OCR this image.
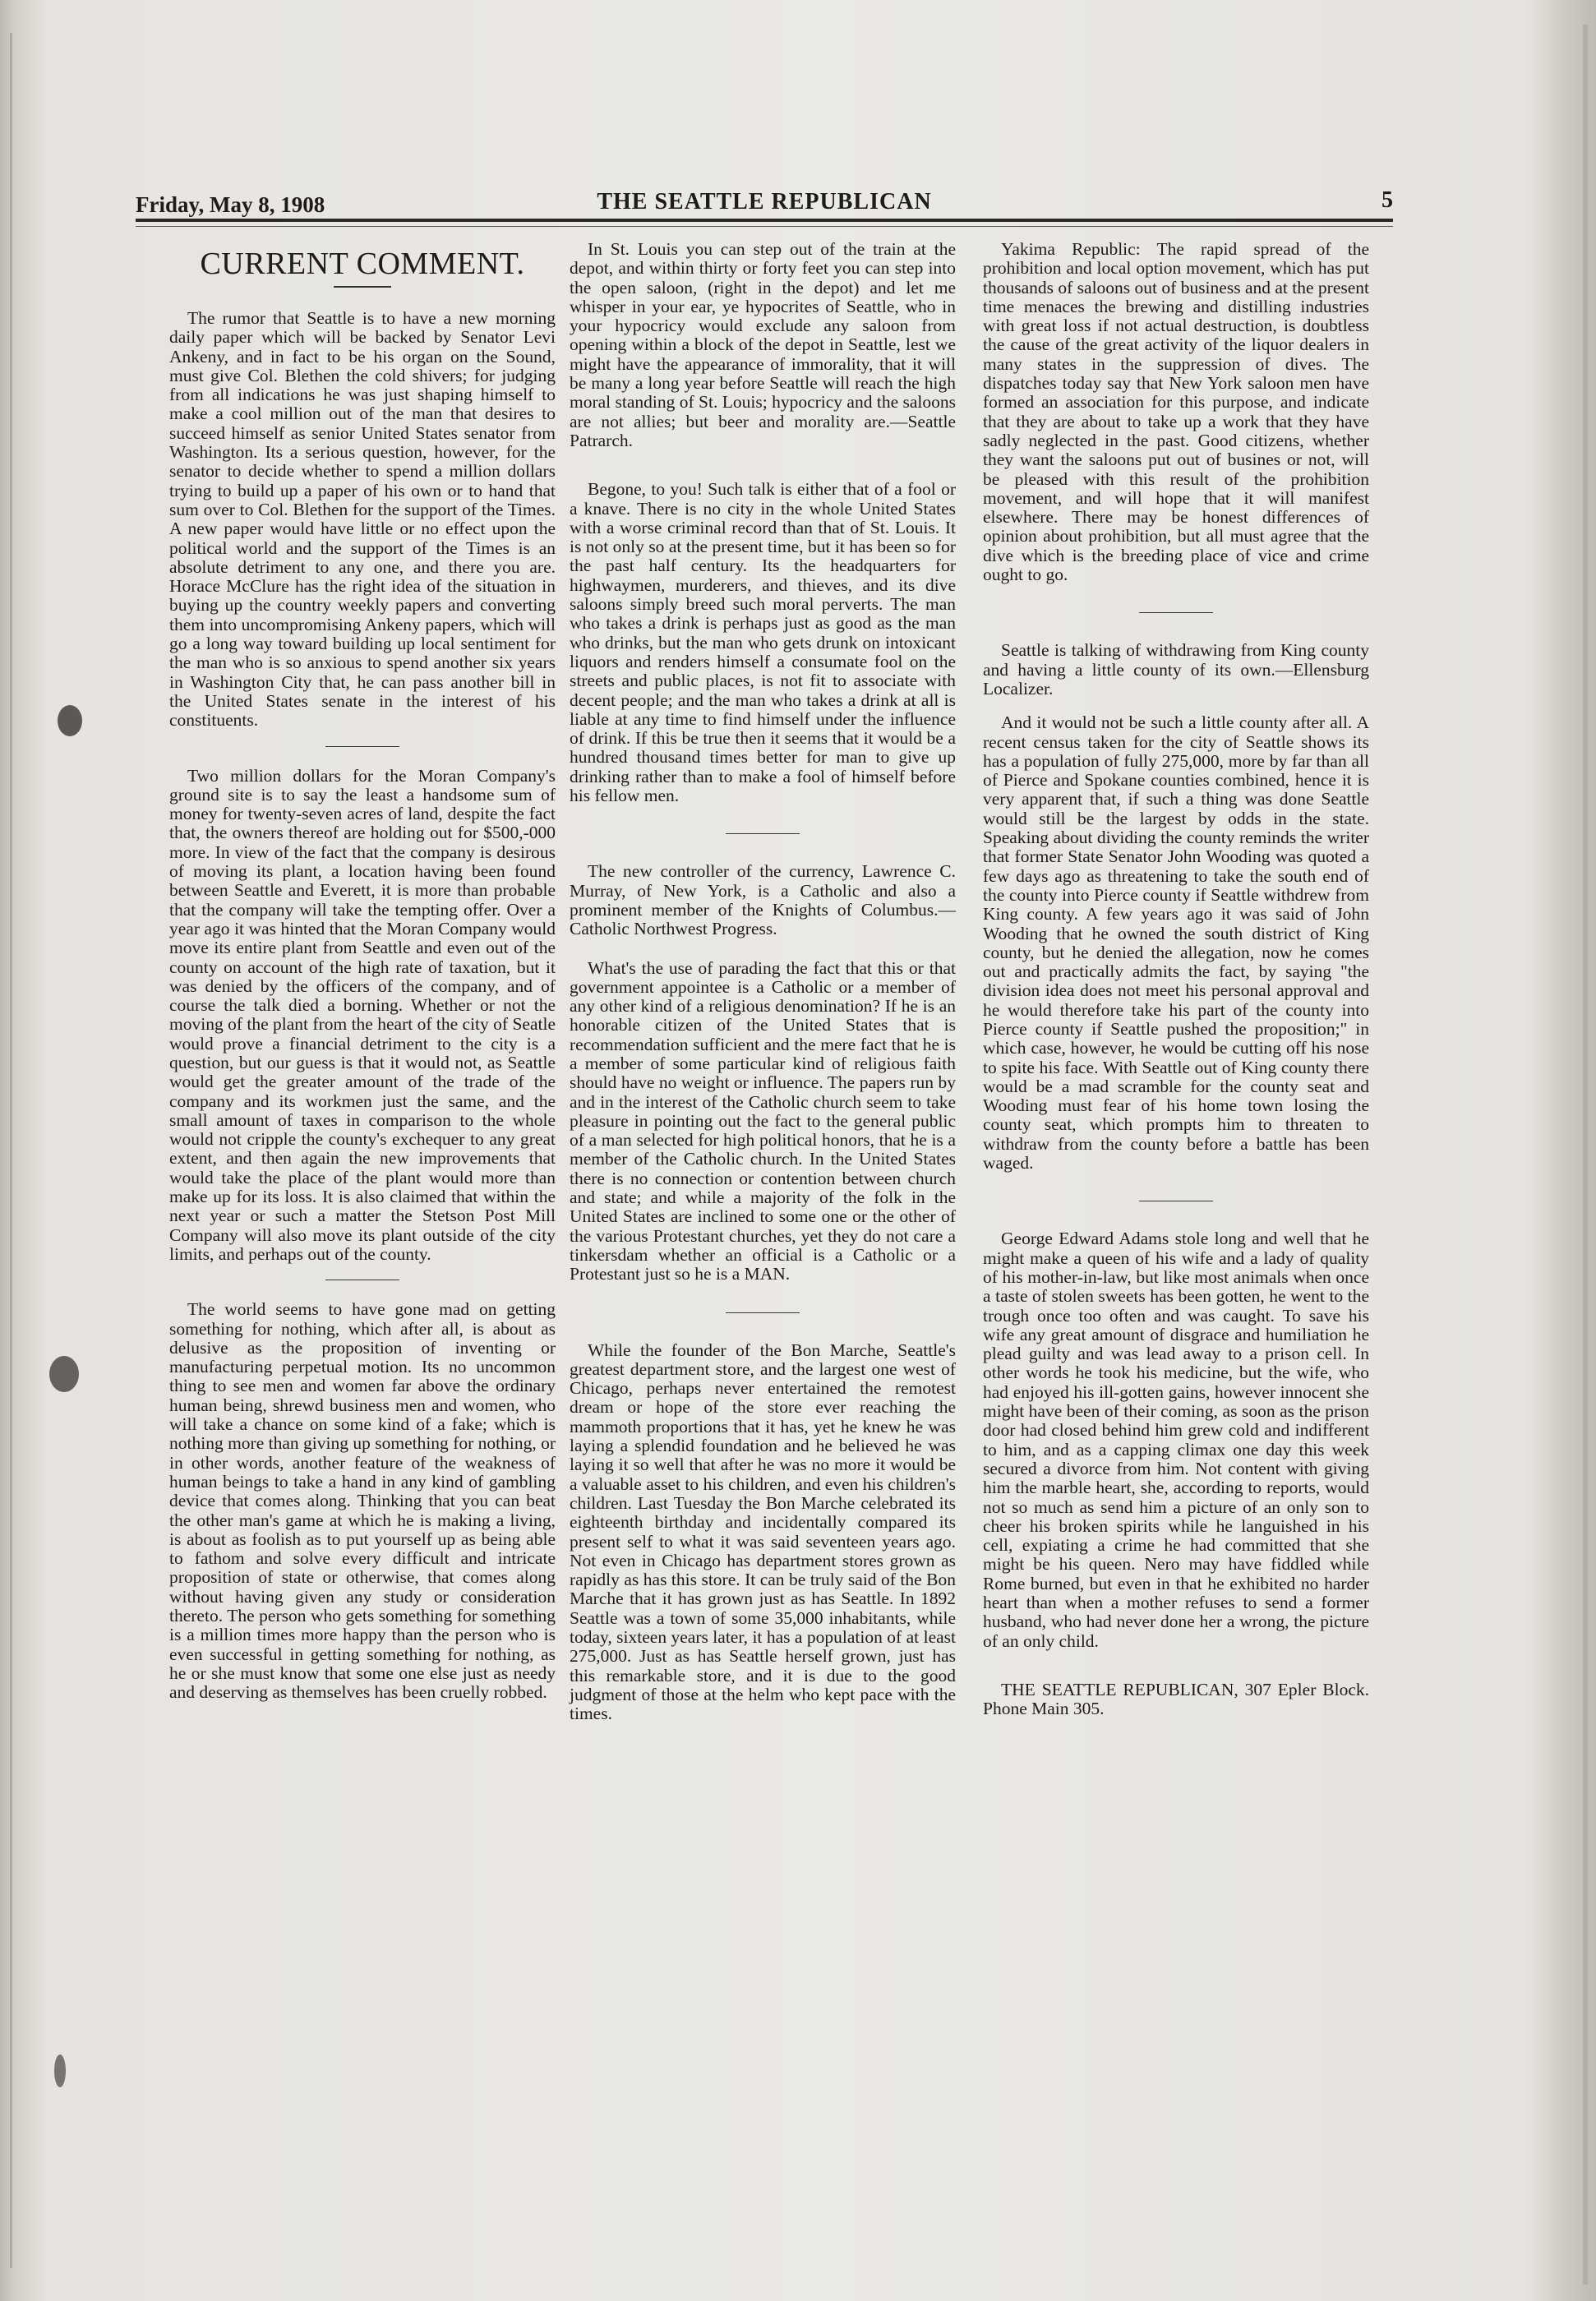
Friday, May 8, 1908	THE SEATTLE REPUBLICAN	5
CURRENT COMMENT.

The rumor that Seattle is to have a new morning daily paper which will be backed by Senator Levi Ankeny, and in fact to be his organ on the Sound, must give Col. Blethen the cold shivers; for judging from all indications he was just shaping himself to make a cool million out of the man that desires to succeed himself as senior United States senator from Washington. Its a serious question, however, for the senator to decide whether to spend a million dollars trying to build up a paper of his own or to hand that sum over to Col. Blethen for the support of the Times. A new paper would have little or no effect upon the political world and the support of the Times is an absolute detriment to any one, and there you are. Horace McClure has the right idea of the situation in buying up the country weekly papers and converting them into uncompromising Ankeny papers, which will go a long way toward building up local sentiment for the man who is so anxious to spend another six years in Washington City that, he can pass another bill in the United States senate in the interest of his constituents.

Two million dollars for the Moran Company's ground site is to say the least a handsome sum of money for twenty-seven acres of land, despite the fact that, the owners thereof are holding out for $500,-000 more. In view of the fact that the company is desirous of moving its plant, a location having been found between Seattle and Everett, it is more than probable that the company will take the tempting offer. Over a year ago it was hinted that the Moran Company would move its entire plant from Seattle and even out of the county on account of the high rate of taxation, but it was denied by the officers of the company, and of course the talk died a borning. Whether or not the moving of the plant from the heart of the city of Seatle would prove a financial detriment to the city is a question, but our guess is that it would not, as Seattle would get the greater amount of the trade of the company and its workmen just the same, and the small amount of taxes in comparison to the whole would not cripple the county's exchequer to any great extent, and then again the new improvements that would take the place of the plant would more than make up for its loss. It is also claimed that within the next year or such a matter the Stetson Post Mill Company will also move its plant outside of the city limits, and perhaps out of the county.

The world seems to have gone mad on getting something for nothing, which after all, is about as delusive as the proposition of inventing or manufacturing perpetual motion. Its no uncommon thing to see men and women far above the ordinary human being, shrewd business men and women, who will take a chance on some kind of a fake; which is nothing more than giving up something for nothing, or in other words, another feature of the weakness of human beings to take a hand in any kind of gambling device that comes along. Thinking that you can beat the other man's game at which he is making a living, is about as foolish as to put yourself up as being able to fathom and solve every difficult and intricate proposition of state or otherwise, that comes along without having given any study or consideration thereto. The person who gets something for something is a million times more happy than the person who is even successful in getting something for nothing, as he or she must know that some one else just as needy and deserving as themselves has been cruelly robbed.

In St. Louis you can step out of the train at the depot, and within thirty or forty feet you can step into the open saloon, (right in the depot) and let me whisper in your ear, ye hypocrites of Seattle, who in your hypocricy would exclude any saloon from opening within a block of the depot in Seattle, lest we might have the appearance of immorality, that it will be many a long year before Seattle will reach the high moral standing of St. Louis; hypocricy and the saloons are not allies; but beer and morality are.—Seattle Patrarch.

Begone, to you! Such talk is either that of a fool or a knave. There is no city in the whole United States with a worse criminal record than that of St. Louis. It is not only so at the present time, but it has been so for the past half century. Its the headquarters for highwaymen, murderers, and thieves, and its dive saloons simply breed such moral perverts. The man who takes a drink is perhaps just as good as the man who drinks, but the man who gets drunk on intoxicant liquors and renders himself a consumate fool on the streets and public places, is not fit to associate with decent people; and the man who takes a drink at all is liable at any time to find himself under the influence of drink. If this be true then it seems that it would be a hundred thousand times better for man to give up drinking rather than to make a fool of himself before his fellow men.

The new controller of the currency, Lawrence C. Murray, of New York, is a Catholic and also a prominent member of the Knights of Columbus.—Catholic Northwest Progress.

What's the use of parading the fact that this or that government appointee is a Catholic or a member of any other kind of a religious denomination? If he is an honorable citizen of the United States that is recommendation sufficient and the mere fact that he is a member of some particular kind of religious faith should have no weight or influence. The papers run by and in the interest of the Catholic church seem to take pleasure in pointing out the fact to the general public of a man selected for high political honors, that he is a member of the Catholic church. In the United States there is no connection or contention between church and state; and while a majority of the folk in the United States are inclined to some one or the other of the various Protestant churches, yet they do not care a tinkersdam whether an official is a Catholic or a Protestant just so he is a MAN.

While the founder of the Bon Marche, Seattle's greatest department store, and the largest one west of Chicago, perhaps never entertained the remotest dream or hope of the store ever reaching the mammoth proportions that it has, yet he knew he was laying a splendid foundation and he believed he was laying it so well that after he was no more it would be a valuable asset to his children, and even his children's children. Last Tuesday the Bon Marche celebrated its eighteenth birthday and incidentally compared its present self to what it was said seventeen years ago. Not even in Chicago has department stores grown as rapidly as has this store. It can be truly said of the Bon Marche that it has grown just as has Seattle. In 1892 Seattle was a town of some 35,000 inhabitants, while today, sixteen years later, it has a population of at least 275,000. Just as has Seattle herself grown, just has this remarkable store, and it is due to the good judgment of those at the helm who kept pace with the times.

Yakima Republic: The rapid spread of the prohibition and local option movement, which has put thousands of saloons out of business and at the present time menaces the brewing and distilling industries with great loss if not actual destruction, is doubtless the cause of the great activity of the liquor dealers in many states in the suppression of dives. The dispatches today say that New York saloon men have formed an association for this purpose, and indicate that they are about to take up a work that they have sadly neglected in the past. Good citizens, whether they want the saloons put out of busines or not, will be pleased with this result of the prohibition movement, and will hope that it will manifest elsewhere. There may be honest differences of opinion about prohibition, but all must agree that the dive which is the breeding place of vice and crime ought to go.

Seattle is talking of withdrawing from King county and having a little county of its own.—Ellensburg Localizer.

And it would not be such a little county after all. A recent census taken for the city of Seattle shows its has a population of fully 275,000, more by far than all of Pierce and Spokane counties combined, hence it is very apparent that, if such a thing was done Seattle would still be the largest by odds in the state. Speaking about dividing the county reminds the writer that former State Senator John Wooding was quoted a few days ago as threatening to take the south end of the county into Pierce county if Seattle withdrew from King county. A few years ago it was said of John Wooding that he owned the south district of King county, but he denied the allegation, now he comes out and practically admits the fact, by saying "the division idea does not meet his personal approval and he would therefore take his part of the county into Pierce county if Seattle pushed the proposition;" in which case, however, he would be cutting off his nose to spite his face. With Seattle out of King county there would be a mad scramble for the county seat and Wooding must fear of his home town losing the county seat, which prompts him to threaten to withdraw from the county before a battle has been waged.

George Edward Adams stole long and well that he might make a queen of his wife and a lady of quality of his mother-in-law, but like most animals when once a taste of stolen sweets has been gotten, he went to the trough once too often and was caught. To save his wife any great amount of disgrace and humiliation he plead guilty and was lead away to a prison cell. In other words he took his medicine, but the wife, who had enjoyed his ill-gotten gains, however innocent she might have been of their coming, as soon as the prison door had closed behind him grew cold and indifferent to him, and as a capping climax one day this week secured a divorce from him. Not content with giving him the marble heart, she, according to reports, would not so much as send him a picture of an only son to cheer his broken spirits while he languished in his cell, expiating a crime he had committed that she might be his queen. Nero may have fiddled while Rome burned, but even in that he exhibited no harder heart than when a mother refuses to send a former husband, who had never done her a wrong, the picture of an only child.

THE SEATTLE REPUBLICAN, 307 Epler Block. Phone Main 305.
